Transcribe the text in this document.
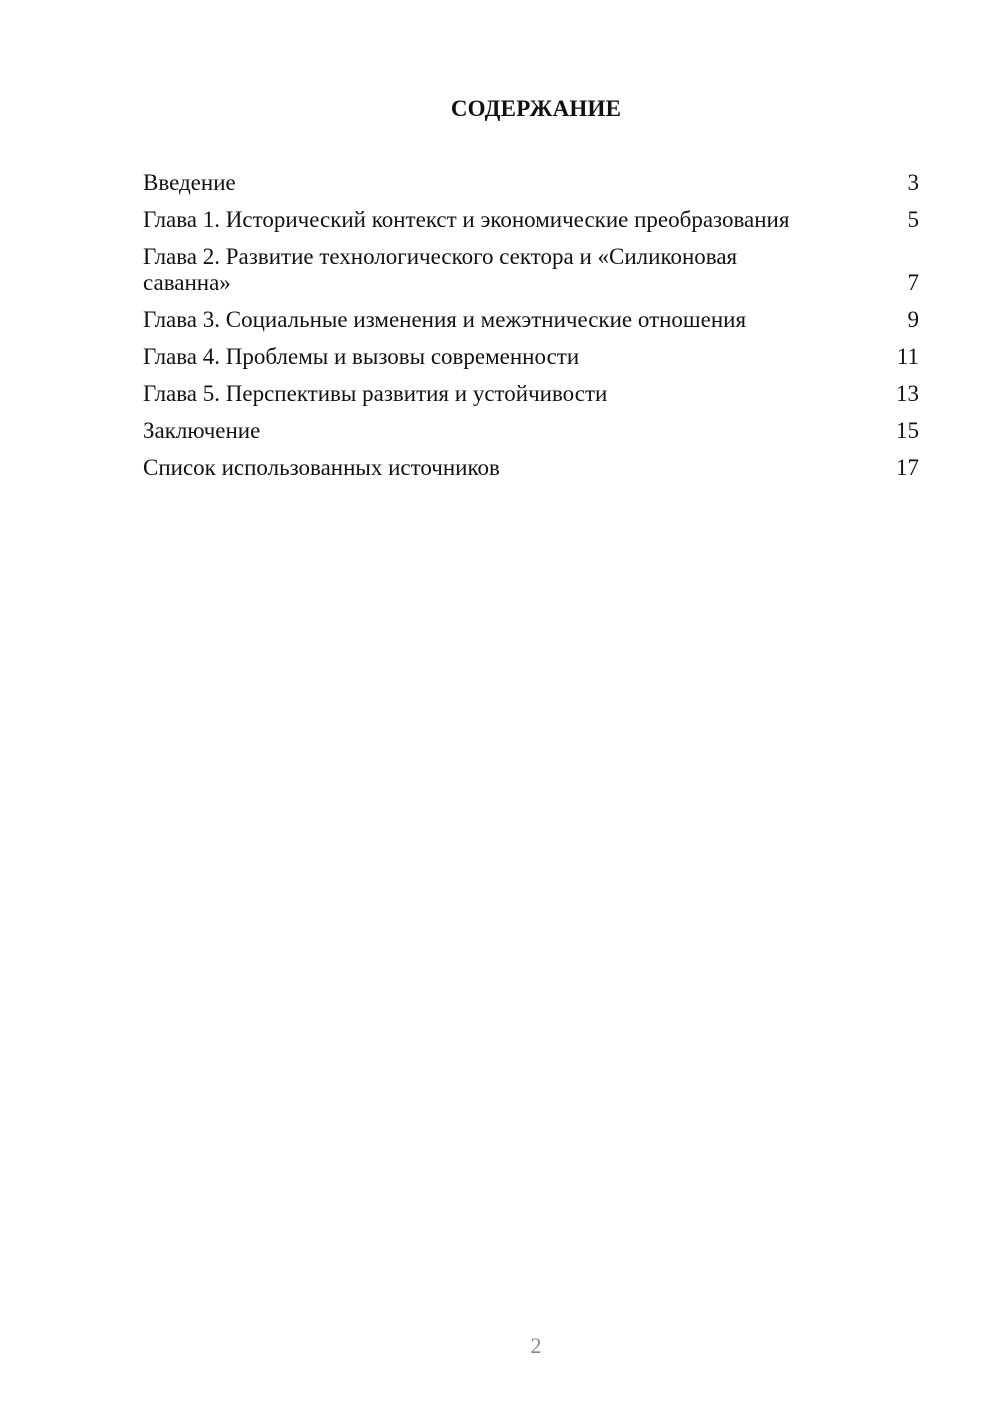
СОДЕРЖАНИЕ
Введение	3
Глава 1. Исторический контекст и экономические преобразования	5
Глава 2. Развитие технологического сектора и «Силиконовая саванна»	7
Глава 3. Социальные изменения и межэтнические отношения	9
Глава 4. Проблемы и вызовы современности	11
Глава 5. Перспективы развития и устойчивости	13
Заключение	15
Список использованных источников	17
2
